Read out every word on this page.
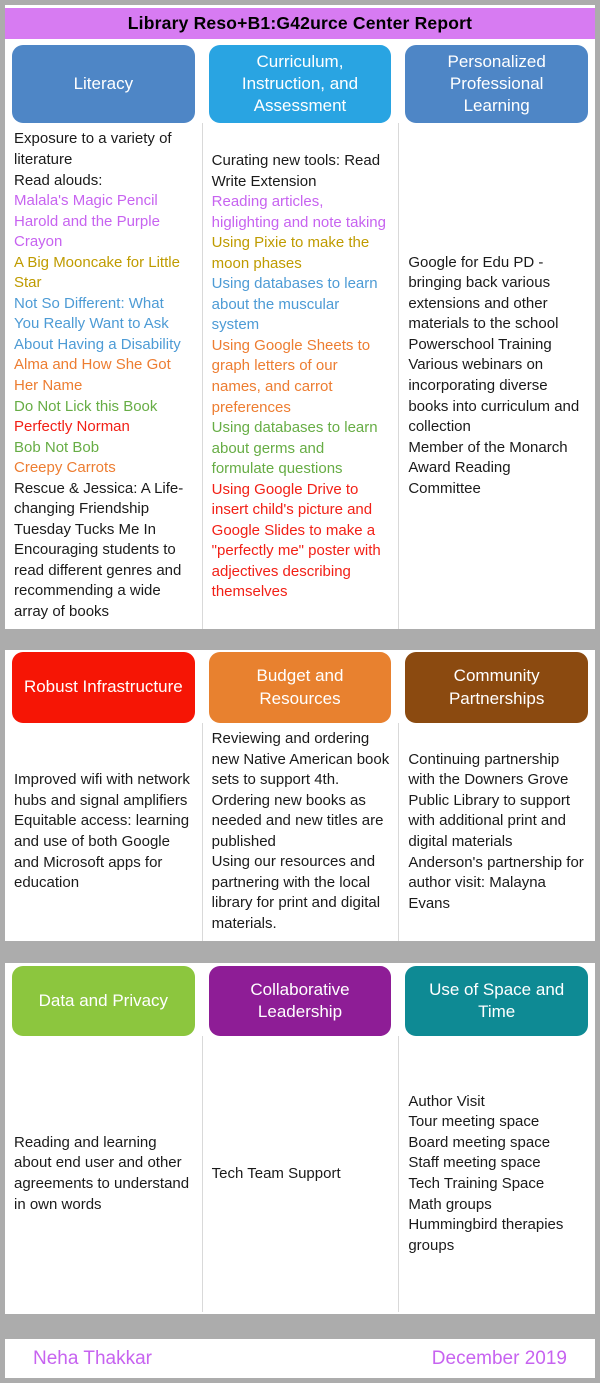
Library Reso+B1:G42urce Center Report
Literacy
Curriculum, Instruction, and Assessment
Personalized Professional Learning
Exposure to a variety of literature
Read alouds:
Malala's Magic Pencil
Harold and the Purple Crayon
A Big Mooncake for Little Star
Not So Different: What You Really Want to Ask About Having a Disability
Alma and How She Got Her Name
Do Not Lick this Book
Perfectly Norman
Bob Not Bob
Creepy Carrots
Rescue & Jessica: A Life-changing Friendship
Tuesday Tucks Me In
Encouraging students to read different genres and recommending a wide array of books
Curating new tools: Read Write Extension
Reading articles, higlighting and note taking
Using Pixie to make the moon phases
Using databases to learn about the muscular system
Using Google Sheets to graph letters of our names, and carrot preferences
Using databases to learn about germs and formulate questions
Using Google Drive to insert child's picture and Google Slides to make a "perfectly me" poster with adjectives describing themselves
Google for Edu PD - bringing back various extensions and other materials to the school
Powerschool Training
Various webinars on incorporating diverse books into curriculum and collection
Member of the Monarch Award Reading Committee
Robust Infrastructure
Budget and Resources
Community Partnerships
Improved wifi with network hubs and signal amplifiers
Equitable access: learning and use of both Google and Microsoft apps for education
Reviewing and ordering new Native American book sets to support 4th.
Ordering new books as needed and new titles are published
Using our resources and partnering with the local library for print and digital materials.
Continuing partnership with the Downers Grove Public Library to support with additional print and digital materials
Anderson's partnership for author visit: Malayna Evans
Data and Privacy
Collaborative Leadership
Use of Space and Time
Reading and learning about end user and other agreements to understand in own words
Tech Team Support
Author Visit
Tour meeting space
Board meeting space
Staff meeting space
Tech Training Space
Math groups
Hummingbird therapies groups
Neha Thakkar	December 2019
